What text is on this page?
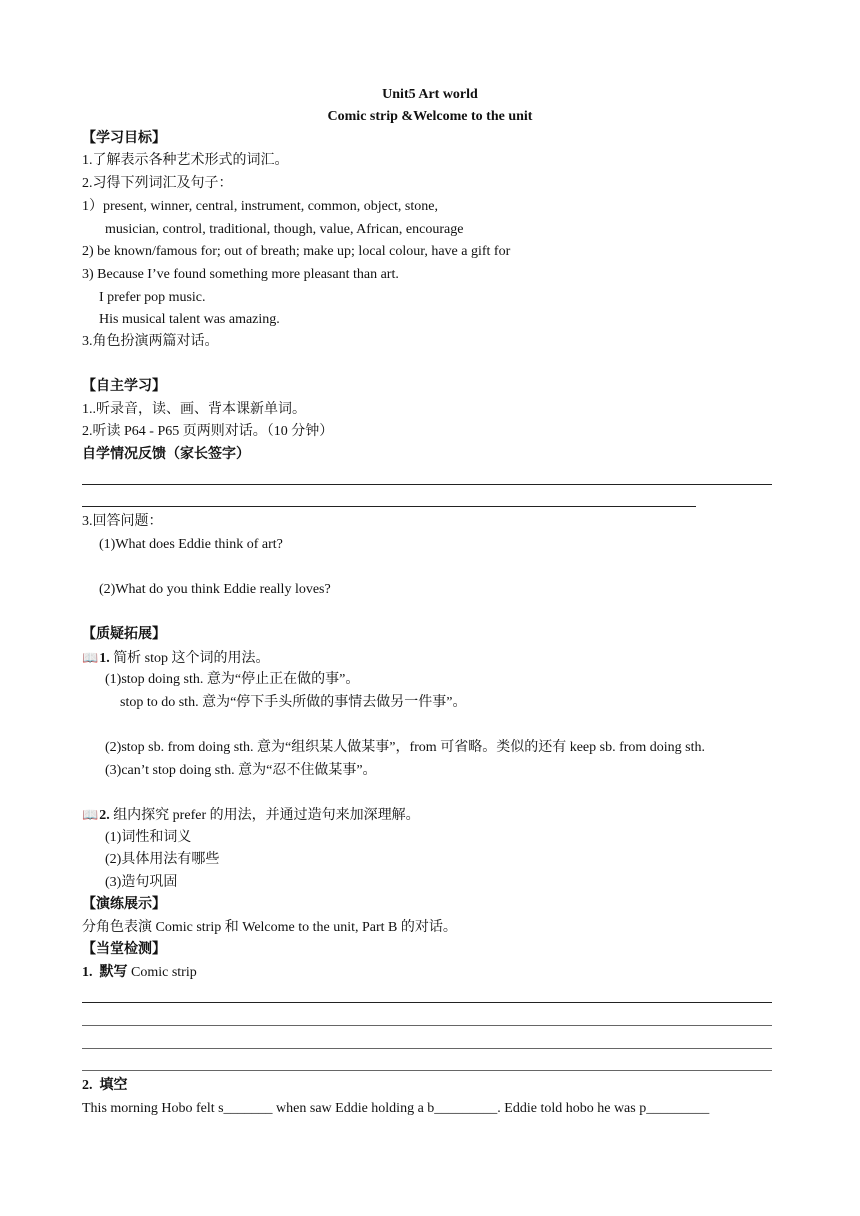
Unit5 Art world
Comic strip &Welcome to the unit
【学习目标】
1.了解表示各种艺术形式的词汇。
2.习得下列词汇及句子：
1）present, winner, central, instrument, common, object, stone,
musician, control, traditional, though, value, African, encourage
2) be known/famous for; out of breath; make up; local colour, have a gift for
3) Because I’ve found something more pleasant than art.
I prefer pop music.
His musical talent was amazing.
3.角色扮演两篇对话。
【自主学习】
1..听录音，读、画、背本课新单词。
2.听读 P64 - P65 页两则对话。（10 分钟）
自学情况反馈（家长签字）
3.回答问题：
(1)What does Eddie think of art?
(2)What do you think Eddie really loves?
【质疑拓展】
📖1. 简析 stop 这个词的用法。
(1)stop doing sth. 意为“停止正在做的事”。
stop to do sth. 意为“停下手头所做的事情去做另一件事”。
(2)stop sb. from doing sth. 意为“组织某人做某事”，from 可省略。类似的还有 keep sb. from doing sth.
(3)can’t stop doing sth. 意为“忍不住做某事”。
📖2. 组内探究 prefer 的用法，并通过造句来加深理解。
(1)词性和词义
(2)具体用法有哪些
(3)造句巩固
【演练展示】
分角色表演 Comic strip 和 Welcome to the unit, Part B 的对话。
【当堂检测】
1. 默写 Comic strip
2. 填空
This morning Hobo felt s_______ when saw Eddie holding a b_________. Eddie told hobo he was p_________
